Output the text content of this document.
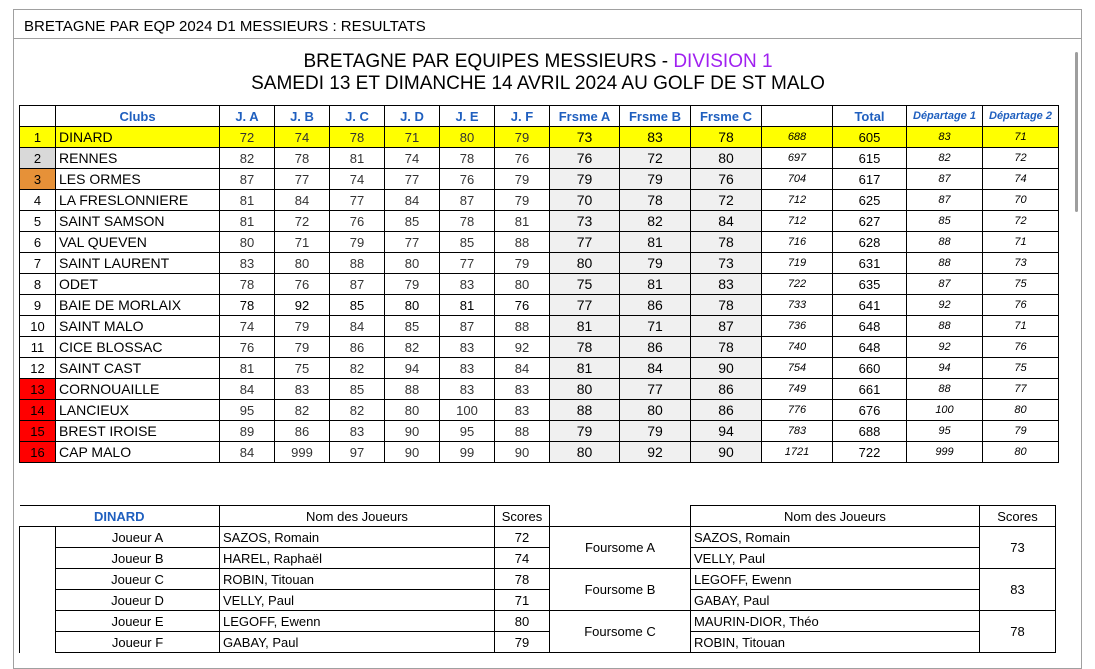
BRETAGNE PAR EQP 2024 D1 MESSIEURS : RESULTATS
BRETAGNE PAR EQUIPES MESSIEURS - DIVISION 1
SAMEDI 13 ET DIMANCHE 14 AVRIL 2024 AU GOLF DE ST MALO
	Clubs	J. A	J. B	J. C	J. D	J. E	J. F	Frsme A	Frsme B	Frsme C		Total	Départage 1	Départage 2
1	DINARD	72	74	78	71	80	79	73	83	78	688	605	83	71
2	RENNES	82	78	81	74	78	76	76	72	80	697	615	82	72
3	LES ORMES	87	77	74	77	76	79	79	79	76	704	617	87	74
4	LA FRESLONNIERE	81	84	77	84	87	79	70	78	72	712	625	87	70
5	SAINT SAMSON	81	72	76	85	78	81	73	82	84	712	627	85	72
6	VAL QUEVEN	80	71	79	77	85	88	77	81	78	716	628	88	71
7	SAINT LAURENT	83	80	88	80	77	79	80	79	73	719	631	88	73
8	ODET	78	76	87	79	83	80	75	81	83	722	635	87	75
9	BAIE DE MORLAIX	78	92	85	80	81	76	77	86	78	733	641	92	76
10	SAINT MALO	74	79	84	85	87	88	81	71	87	736	648	88	71
11	CICE BLOSSAC	76	79	86	82	83	92	78	86	78	740	648	92	76
12	SAINT CAST	81	75	82	94	83	84	81	84	90	754	660	94	75
13	CORNOUAILLE	84	83	85	88	83	83	80	77	86	749	661	88	77
14	LANCIEUX	95	82	82	80	100	83	88	80	86	776	676	100	80
15	BREST IROISE	89	86	83	90	95	88	79	79	94	783	688	95	79
16	CAP MALO	84	999	97	90	99	90	80	92	90	1721	722	999	80
DINARD		Nom des Joueurs	Scores		Nom des Joueurs	Scores
	Joueur A	SAZOS, Romain	72	Foursome A	SAZOS, Romain	73
	Joueur B	HAREL, Raphaël	74		VELLY, Paul	
	Joueur C	ROBIN, Titouan	78	Foursome B	LEGOFF, Ewenn	83
	Joueur D	VELLY, Paul	71		GABAY, Paul	
	Joueur E	LEGOFF, Ewenn	80	Foursome C	MAURIN-DIOR, Théo	78
	Joueur F	GABAY, Paul	79		ROBIN, Titouan	
